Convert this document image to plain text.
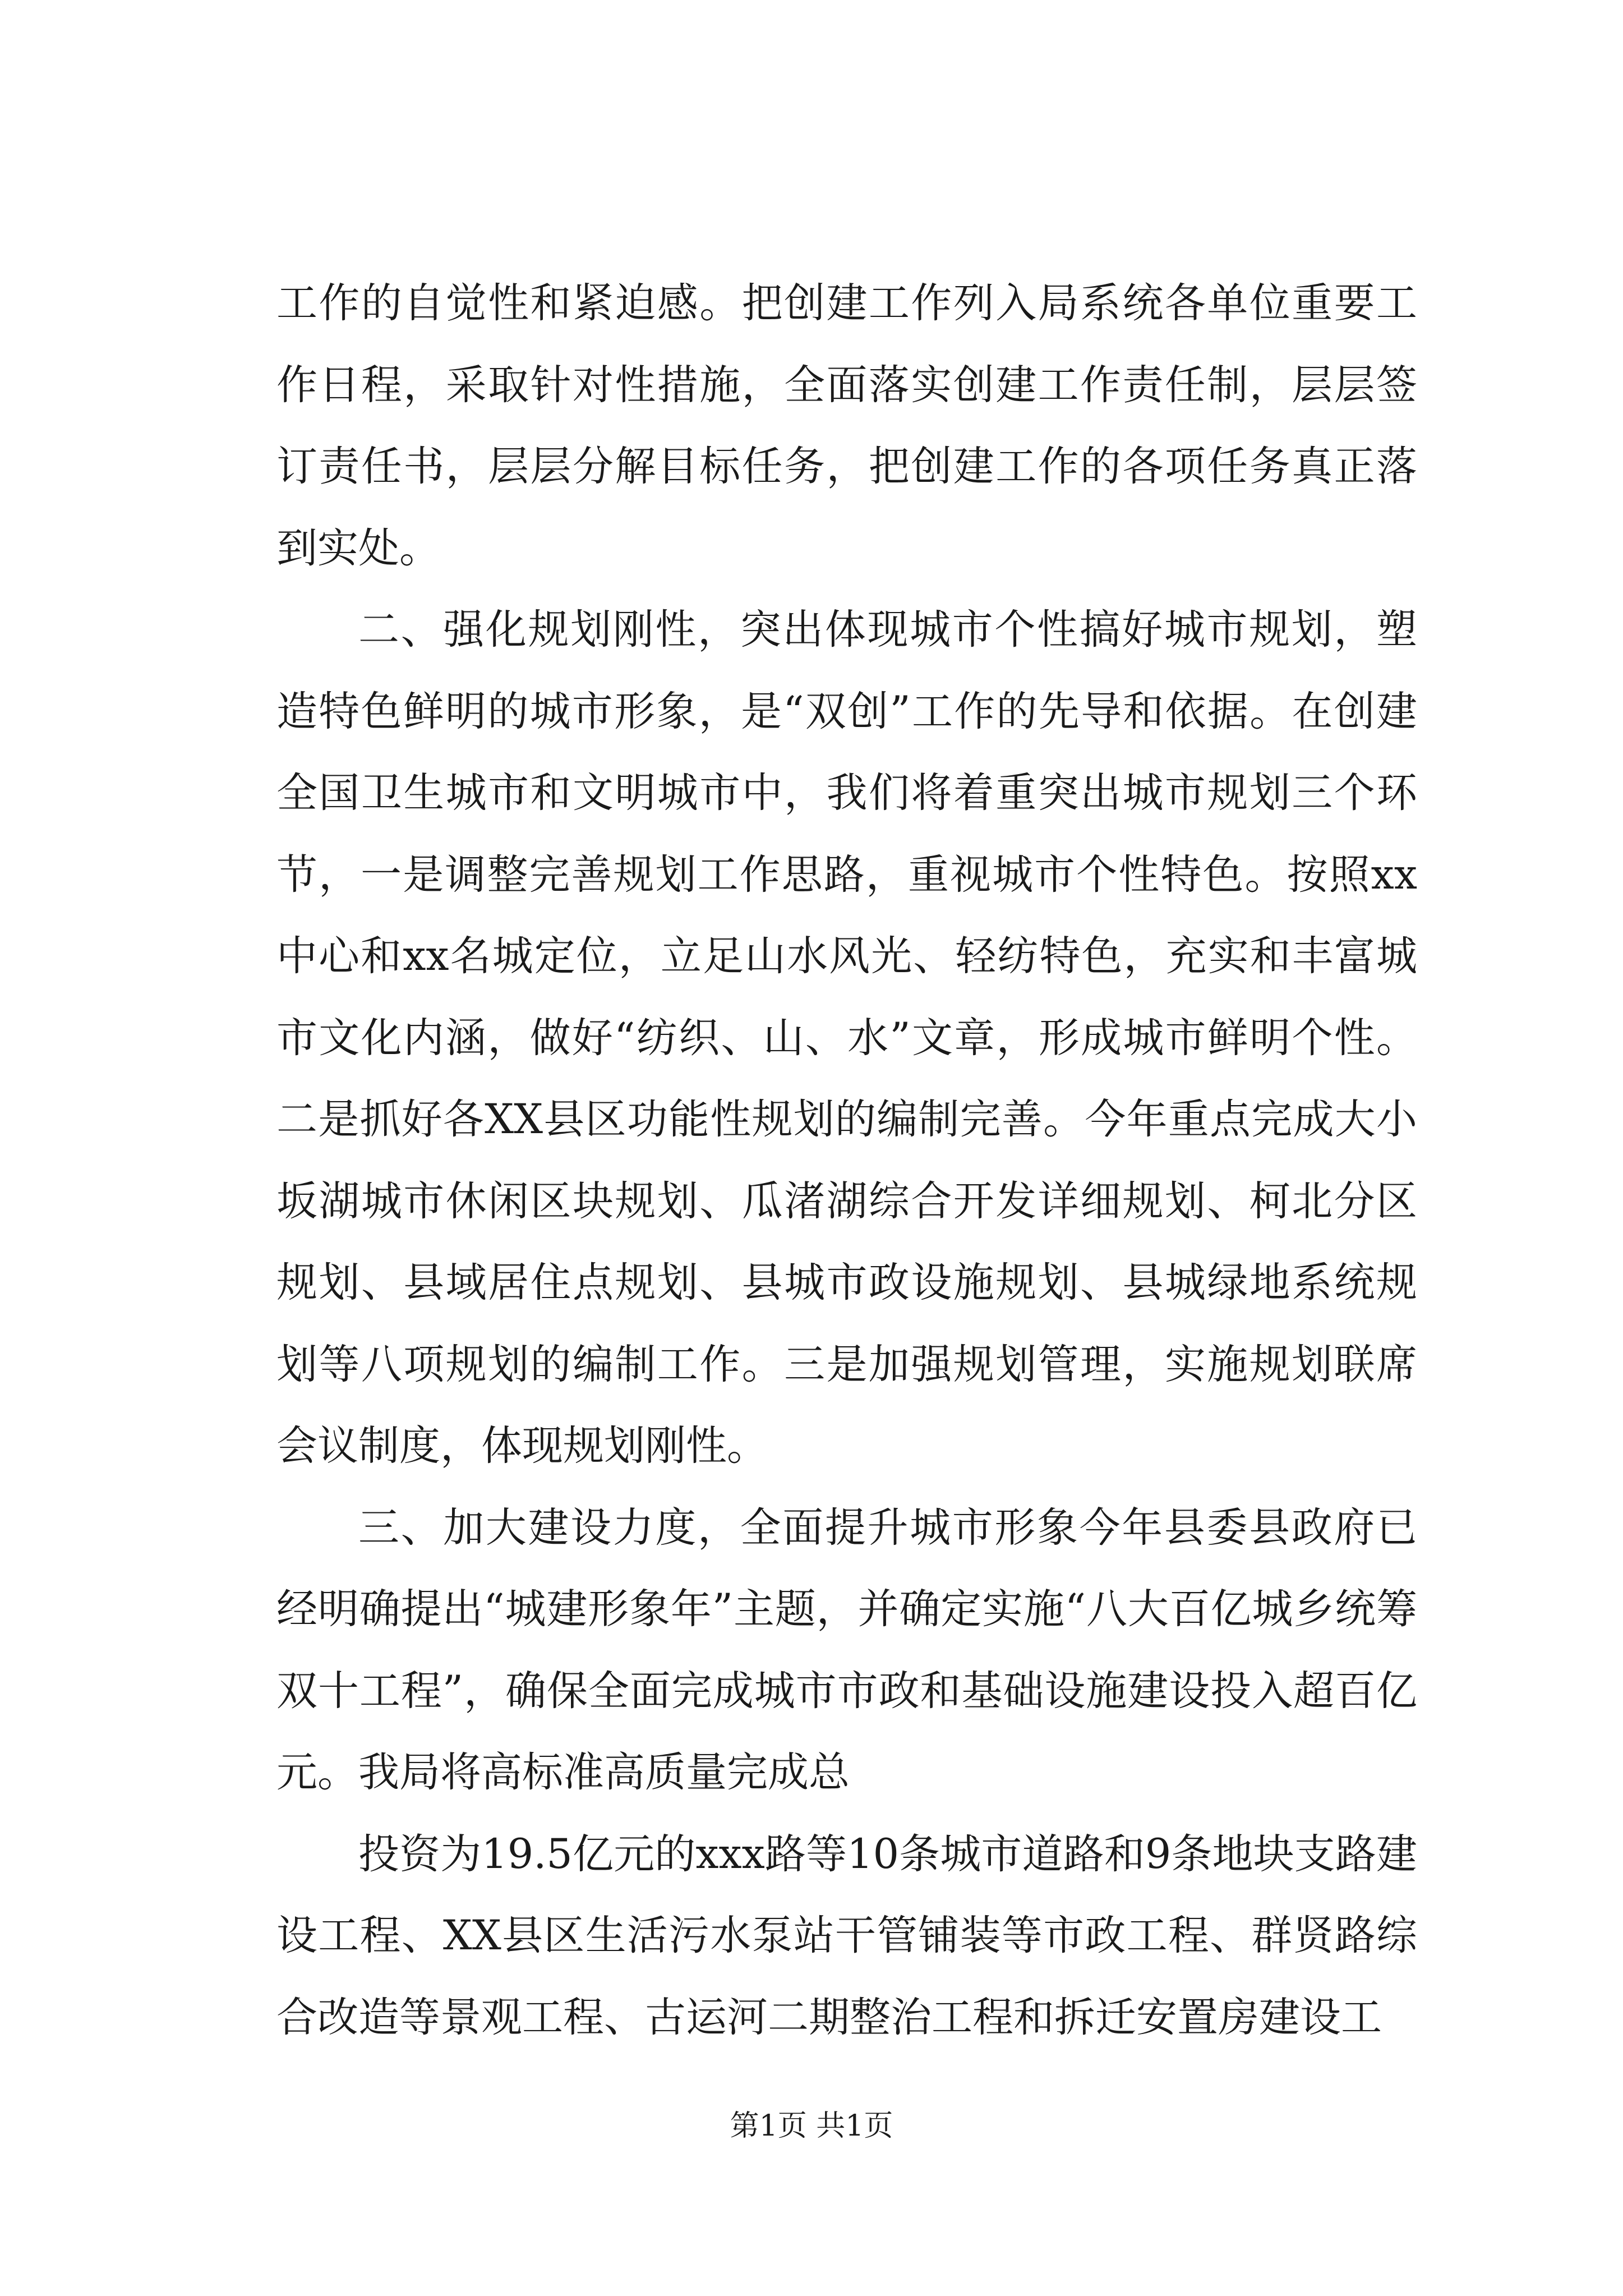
工作的自觉性和紧迫感。把创建工作列入局系统各单位重要工作日程，采取针对性措施，全面落实创建工作责任制，层层签订责任书，层层分解目标任务，把创建工作的各项任务真正落到实处。

二、强化规划刚性，突出体现城市个性搞好城市规划，塑造特色鲜明的城市形象，是“双创”工作的先导和依据。在创建全国卫生城市和文明城市中，我们将着重突出城市规划三个环节，一是调整完善规划工作思路，重视城市个性特色。按照xx中心和xx名城定位，立足山水风光、轻纺特色，充实和丰富城市文化内涵，做好“纺织、山、水”文章，形成城市鲜明个性。二是抓好各XX县区功能性规划的编制完善。今年重点完成大小坂湖城市休闲区块规划、瓜渚湖综合开发详细规划、柯北分区规划、县域居住点规划、县城市政设施规划、县城绿地系统规划等八项规划的编制工作。三是加强规划管理，实施规划联席会议制度，体现规划刚性。

三、加大建设力度，全面提升城市形象今年县委县政府已经明确提出“城建形象年”主题，并确定实施“八大百亿城乡统筹双十工程”，确保全面完成城市市政和基础设施建设投入超百亿元。我局将高标准高质量完成总

投资为19.5亿元的xxx路等10条城市道路和9条地块支路建设工程、XX县区生活污水泵站干管铺装等市政工程、群贤路综合改造等景观工程、古运河二期整治工程和拆迁安置房建设工

第1页 共1页
